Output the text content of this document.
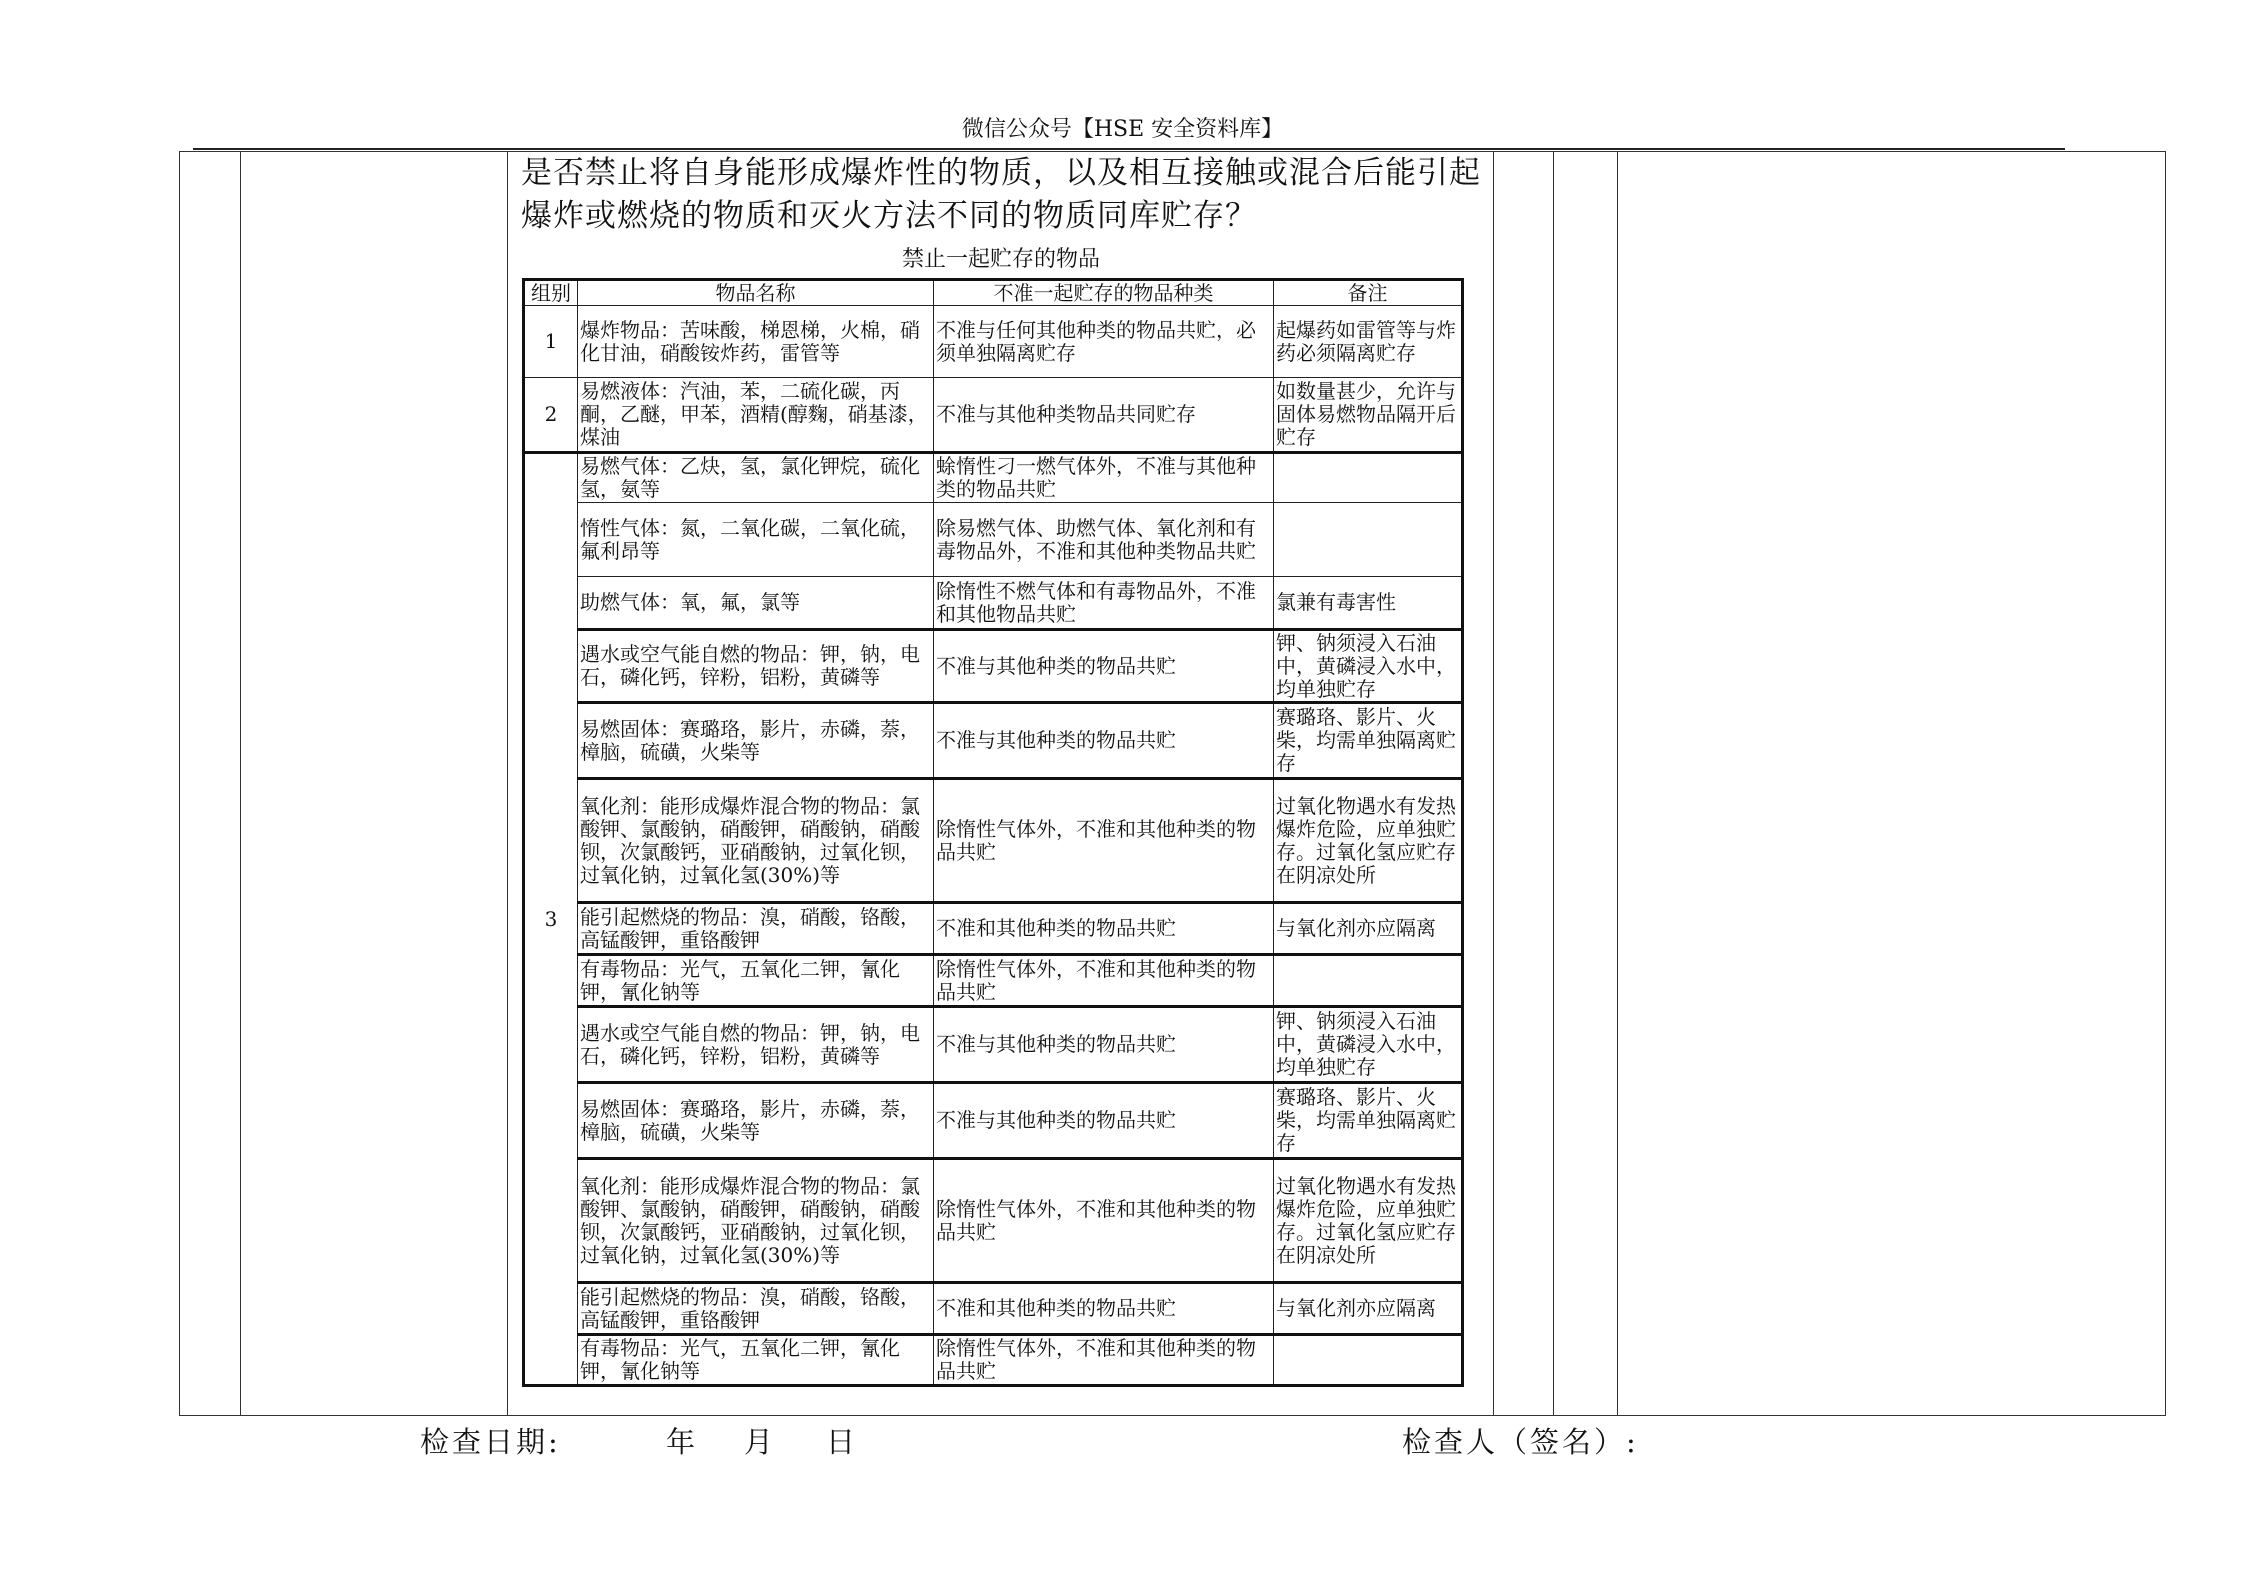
微信公众号【HSE 安全资料库】
是否禁止将自身能形成爆炸性的物质，以及相互接触或混合后能引起爆炸或燃烧的物质和灭火方法不同的物质同库贮存？
禁止一起贮存的物品
组别	物品名称	不准一起贮存的物品种类	备注
1	爆炸物品：苦味酸，梯恩梯，火棉，硝化甘油，硝酸铵炸药，雷管等	不准与任何其他种类的物品共贮，必须单独隔离贮存	起爆药如雷管等与炸药必须隔离贮存
2	易燃液体：汽油，苯，二硫化碳，丙酮，乙醚，甲苯，酒精(醇麴，硝基漆，煤油	不准与其他种类物品共同贮存	如数量甚少，允许与固体易燃物品隔开后贮存
3	易燃气体：乙炔，氢，氯化钾烷，硫化氢，氨等	蜍惰性刁一燃气体外，不准与其他种类的物品共贮	
	惰性气体：氮，二氧化碳，二氧化硫，氟利昂等	除易燃气体、助燃气体、氧化剂和有毒物品外，不准和其他种类物品共贮	
	助燃气体：氧，氟，氯等	除惰性不燃气体和有毒物品外，不准和其他物品共贮	氯兼有毒害性
	遇水或空气能自燃的物品：钾，钠，电石，磷化钙，锌粉，铝粉，黄磷等	不准与其他种类的物品共贮	钾、钠须浸入石油中，黄磷浸入水中，均单独贮存
	易燃固体：赛璐珞，影片，赤磷，萘，樟脑，硫磺，火柴等	不准与其他种类的物品共贮	赛璐珞、影片、火柴，均需单独隔离贮存
	氧化剂：能形成爆炸混合物的物品：氯酸钾、氯酸钠，硝酸钾，硝酸钠，硝酸钡，次氯酸钙，亚硝酸钠，过氧化钡，过氧化钠，过氧化氢(30%)等	除惰性气体外，不准和其他种类的物品共贮	过氧化物遇水有发热爆炸危险，应单独贮存。过氧化氢应贮存在阴凉处所
	能引起燃烧的物品：溴，硝酸，铬酸，高锰酸钾，重铬酸钾	不准和其他种类的物品共贮	与氧化剂亦应隔离
	有毒物品：光气，五氧化二钾，氰化钾，氰化钠等	除惰性气体外，不准和其他种类的物品共贮	
	遇水或空气能自燃的物品：钾，钠，电石，磷化钙，锌粉，铝粉，黄磷等	不准与其他种类的物品共贮	钾、钠须浸入石油中，黄磷浸入水中，均单独贮存
	易燃固体：赛璐珞，影片，赤磷，萘，樟脑，硫磺，火柴等	不准与其他种类的物品共贮	赛璐珞、影片、火柴，均需单独隔离贮存
	氧化剂：能形成爆炸混合物的物品：氯酸钾、氯酸钠，硝酸钾，硝酸钠，硝酸钡，次氯酸钙，亚硝酸钠，过氧化钡，过氧化钠，过氧化氢(30%)等	除惰性气体外，不准和其他种类的物品共贮	过氧化物遇水有发热爆炸危险，应单独贮存。过氧化氢应贮存在阴凉处所
	能引起燃烧的物品：溴，硝酸，铬酸，高锰酸钾，重铬酸钾	不准和其他种类的物品共贮	与氧化剂亦应隔离
	有毒物品：光气，五氧化二钾，氰化钾，氰化钠等	除惰性气体外，不准和其他种类的物品共贮	
检查日期:	年 月 日	检查人（签名）:
